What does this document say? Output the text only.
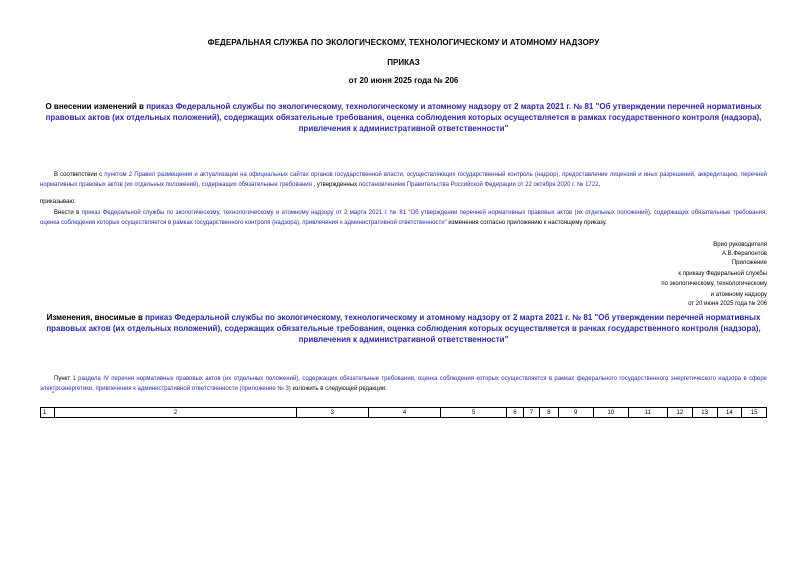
ФЕДЕРАЛЬНАЯ СЛУЖБА ПО ЭКОЛОГИЧЕСКОМУ, ТЕХНОЛОГИЧЕСКОМУ И АТОМНОМУ НАДЗОРУ
ПРИКАЗ
от 20 июня 2025 года № 206
О внесении изменений в приказ Федеральной службы по экологическому, технологическому и атомному надзору от 2 марта 2021 г. № 81 "Об утверждении перечней нормативных правовых актов (их отдельных положений), содержащих обязательные требования, оценка соблюдения которых осуществляется в рамках государственного контроля (надзора), привлечения к административной ответственности"
В соответствии с пунктом 2 Правил размещения и актуализации на официальных сайтах органов государственной власти, осуществляющих государственный контроль (надзор), предоставление лицензий и иных разрешений, аккредитацию, перечней нормативных правовых актов (их отдельных положений), содержащих обязательные требования , утвержденных постановлением Правительства Российской Федерации от 22 октября 2020 г. № 1722,
приказываю:
Внести в приказ Федеральной службы по экологическому, технологическому и атомному надзору от 2 марта 2021 г. № 81 "Об утверждении перечней нормативных правовых актов (их отдельных положений), содержащих обязательные требования, оценка соблюдения которых осуществляется в рамках государственного контроля (надзора), привлечения к административной ответственности" изменения согласно приложению к настоящему приказу.
Врио руководителя
А.В.Ферапонтов
Приложение
к приказу Федеральной службы
по экологическому, технологическому
и атомному надзору
от 20 июня 2025 года № 206
Изменения, вносимые в приказ Федеральной службы по экологическому, технологическому и атомному надзору от 2 марта 2021 г. № 81 "Об утверждении перечней нормативных правовых актов (их отдельных положений), содержащих обязательные требования, оценка соблюдения которых осуществляется в рачках государственного контроля (надзора), привлечения к административной ответственности"
Пункт 1 раздела IV перечня нормативных правовых актов (их отдельных положений), содержащих обязательные требования, оценка соблюдения которых осуществляется в рамках федерального государственного энергетического надзора в сфере электроэнергетики, привлечения к административной ответственности (приложение № 3) изложить в следующей редакции:
"
1	2	3	4	5	6	7	8	9	10	11	12	13	14	15
